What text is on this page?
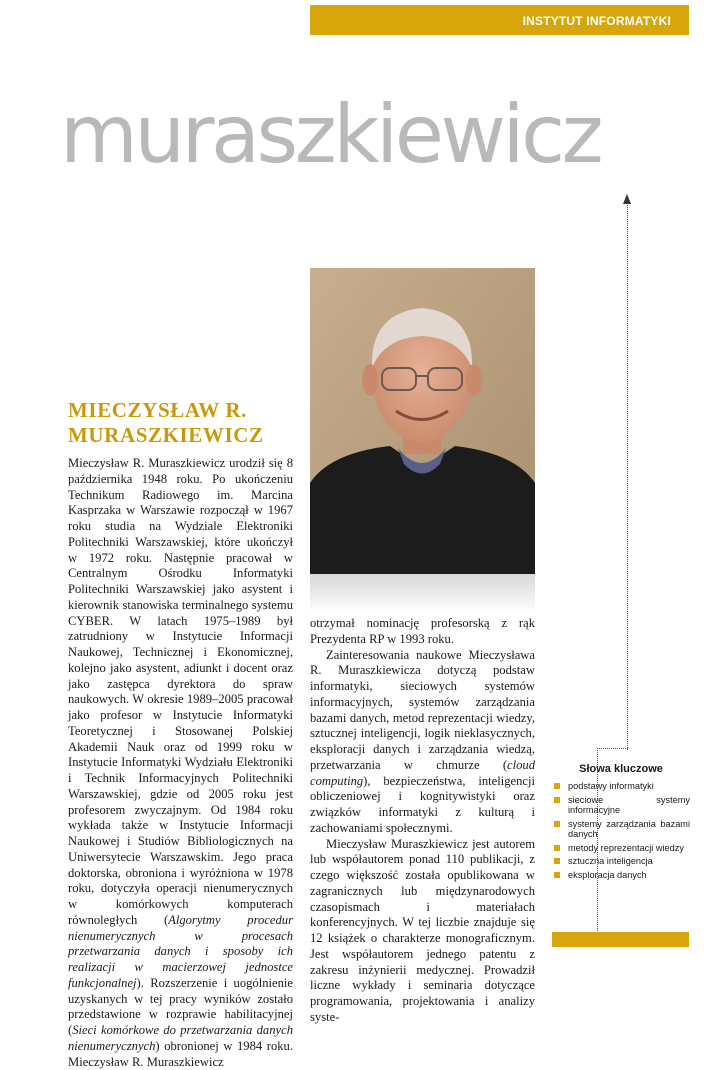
INSTYTUT INFORMATYKI
muraszkiewicz
MIECZYSŁAW R.
MURASZKIEWICZ

Mieczysław R. Muraszkiewicz urodził się 8 października 1948 roku. Po ukończeniu Technikum Radiowego im. Marcina Kasprzaka w Warszawie rozpoczął w 1967 roku studia na Wydziale Elektroniki Politechniki Warszawskiej, które ukończył w 1972 roku. Następnie pracował w Centralnym Ośrodku Informatyki Politechniki Warszawskiej jako asystent i kierownik stanowiska terminalnego systemu CYBER. W latach 1975–1989 był zatrudniony w Instytucie Informacji Naukowej, Technicznej i Ekonomicznej, kolejno jako asystent, adiunkt i docent oraz jako zastępca dyrektora do spraw naukowych. W okresie 1989–2005 pracował jako profesor w Instytucie Informatyki Teoretycznej i Stosowanej Polskiej Akademii Nauk oraz od 1999 roku w Instytucie Informatyki Wydziału Elektroniki i Technik Informacyjnych Politechniki Warszawskiej, gdzie od 2005 roku jest profesorem zwyczajnym. Od 1984 roku wykłada także w Instytucie Informacji Naukowej i Studiów Bibliologicznych na Uniwersytecie Warszawskim. Jego praca doktorska, obroniona i wyróżniona w 1978 roku, dotyczyła operacji nienumerycznych w komórkowych komputerach równoległych (Algorytmy procedur nienumerycznych w procesach przetwarzania danych i sposoby ich realizacji w macierzowej jednostce funkcjonalnej). Rozszerzenie i uogólnienie uzyskanych w tej pracy wyników zostało przedstawione w rozprawie habilitacyjnej (Sieci komórkowe do przetwarzania danych nienumerycznych) obronionej w 1984 roku. Mieczysław R. Muraszkiewicz

otrzymał nominację profesorską z rąk Prezydenta RP w 1993 roku.

Zainteresowania naukowe Mieczysława R. Muraszkiewicza dotyczą podstaw informatyki, sieciowych systemów informacyjnych, systemów zarządzania bazami danych, metod reprezentacji wiedzy, sztucznej inteligencji, logik nieklasycznych, eksploracji danych i zarządzania wiedzą, przetwarzania w chmurze (cloud computing), bezpieczeństwa, inteligencji obliczeniowej i kognitywistyki oraz związków informatyki z kulturą i zachowaniami społecznymi.

Mieczysław Muraszkiewicz jest autorem lub współautorem ponad 110 publikacji, z czego większość została opublikowana w zagranicznych lub międzynarodowych czasopismach i materiałach konferencyjnych. W tej liczbie znajduje się 12 książek o charakterze monograficznym. Jest współautorem jednego patentu z zakresu inżynierii medycznej. Prowadził liczne wykłady i seminaria dotyczące programowania, projektowania i analizy syste-

Słowa kluczowe
podstawy informatyki
sieciowe systemy informacyjne
systemy zarządzania bazami danych
metody reprezentacji wiedzy
sztuczna inteligencja
eksploracja danych
